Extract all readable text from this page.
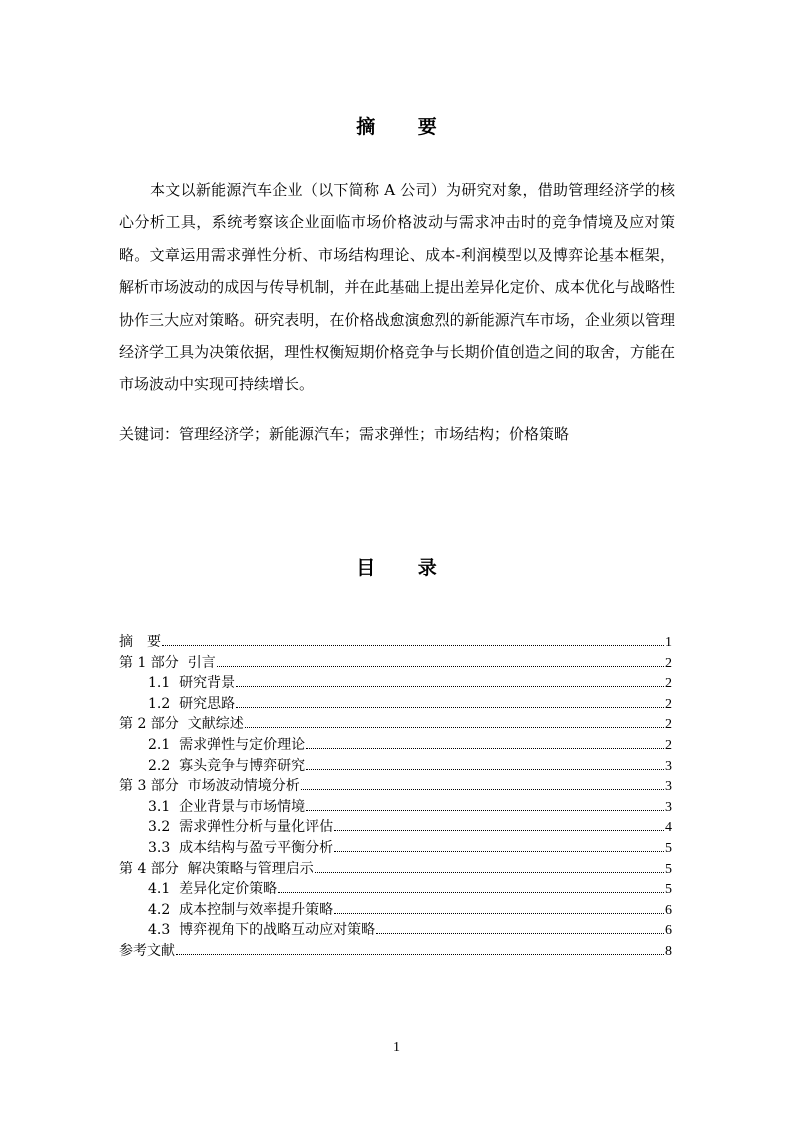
摘 要

本文以新能源汽车企业（以下简称 A 公司）为研究对象，借助管理经济学的核心分析工具，系统考察该企业面临市场价格波动与需求冲击时的竞争情境及应对策略。文章运用需求弹性分析、市场结构理论、成本-利润模型以及博弈论基本框架，解析市场波动的成因与传导机制，并在此基础上提出差异化定价、成本优化与战略性协作三大应对策略。研究表明，在价格战愈演愈烈的新能源汽车市场，企业须以管理经济学工具为决策依据，理性权衡短期价格竞争与长期价值创造之间的取舍，方能在市场波动中实现可持续增长。

关键词：管理经济学；新能源汽车；需求弹性；市场结构；价格策略

目 录
摘　要	1
第 1 部分  引言	2
1.1  研究背景	2
1.2  研究思路	2
第 2 部分  文献综述	2
2.1  需求弹性与定价理论	2
2.2  寡头竞争与博弈研究	3
第 3 部分  市场波动情境分析	3
3.1  企业背景与市场情境	3
3.2  需求弹性分析与量化评估	4
3.3  成本结构与盈亏平衡分析	5
第 4 部分  解决策略与管理启示	5
4.1  差异化定价策略	5
4.2  成本控制与效率提升策略	6
4.3  博弈视角下的战略互动应对策略	6
参考文献	8
1
